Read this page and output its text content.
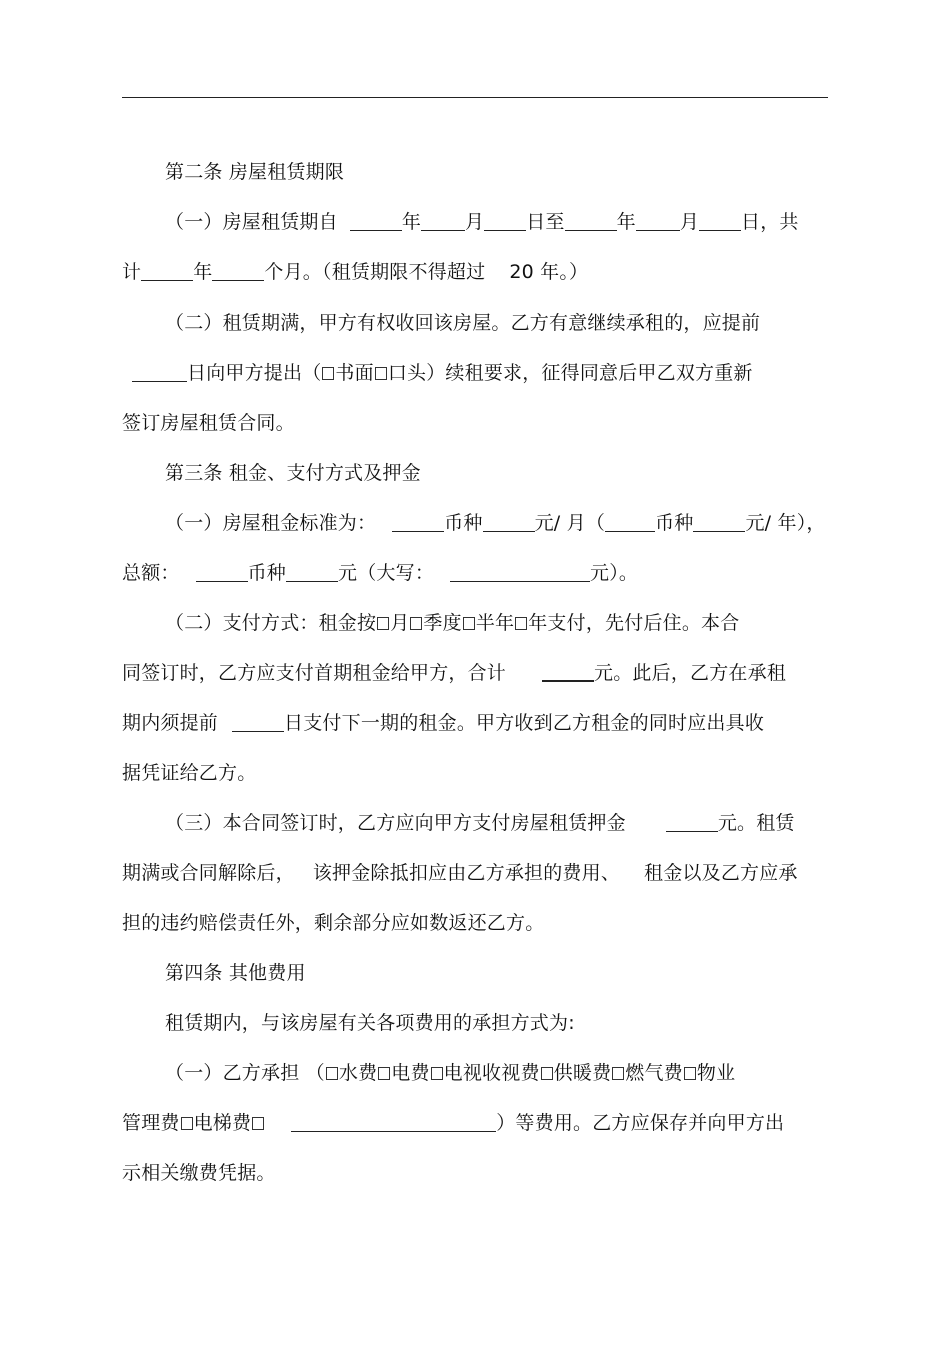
第二条 房屋租赁期限
（一）房屋租赁期自	年 月 日至	年 月 日，共
计	年	个月。（租赁期限不得超过 20 年。）
（二）租赁期满，甲方有权收回该房屋。乙方有意继续承租的，应提前
日向甲方提出（ 书面 口头）续租要求，征得同意后甲乙双方重新
签订房屋租赁合同。
第三条 租金、支付方式及押金
（一）房屋租金标准为：	币种	元/ 月（	币种	元/ 年），
总额：	币种	元（大写：	元）。
（二）支付方式：租金按 月 季度 半年 年支付，先付后住。本合
同签订时，乙方应支付首期租金给甲方，合计	元。此后，乙方在承租
期内须提前	日支付下一期的租金。甲方收到乙方租金的同时应出具收
据凭证给乙方。
（三）本合同签订时，乙方应向甲方支付房屋租赁押金	元。租赁
期满或合同解除后， 该押金除抵扣应由乙方承担的费用、 租金以及乙方应承
担的违约赔偿责任外，剩余部分应如数返还乙方。
第四条 其他费用
租赁期内，与该房屋有关各项费用的承担方式为:
（一）乙方承担 （ 水费 电费 电视收视费 供暖费 燃气费 物业
管理费 电梯费	）等费用。乙方应保存并向甲方出
示相关缴费凭据。
